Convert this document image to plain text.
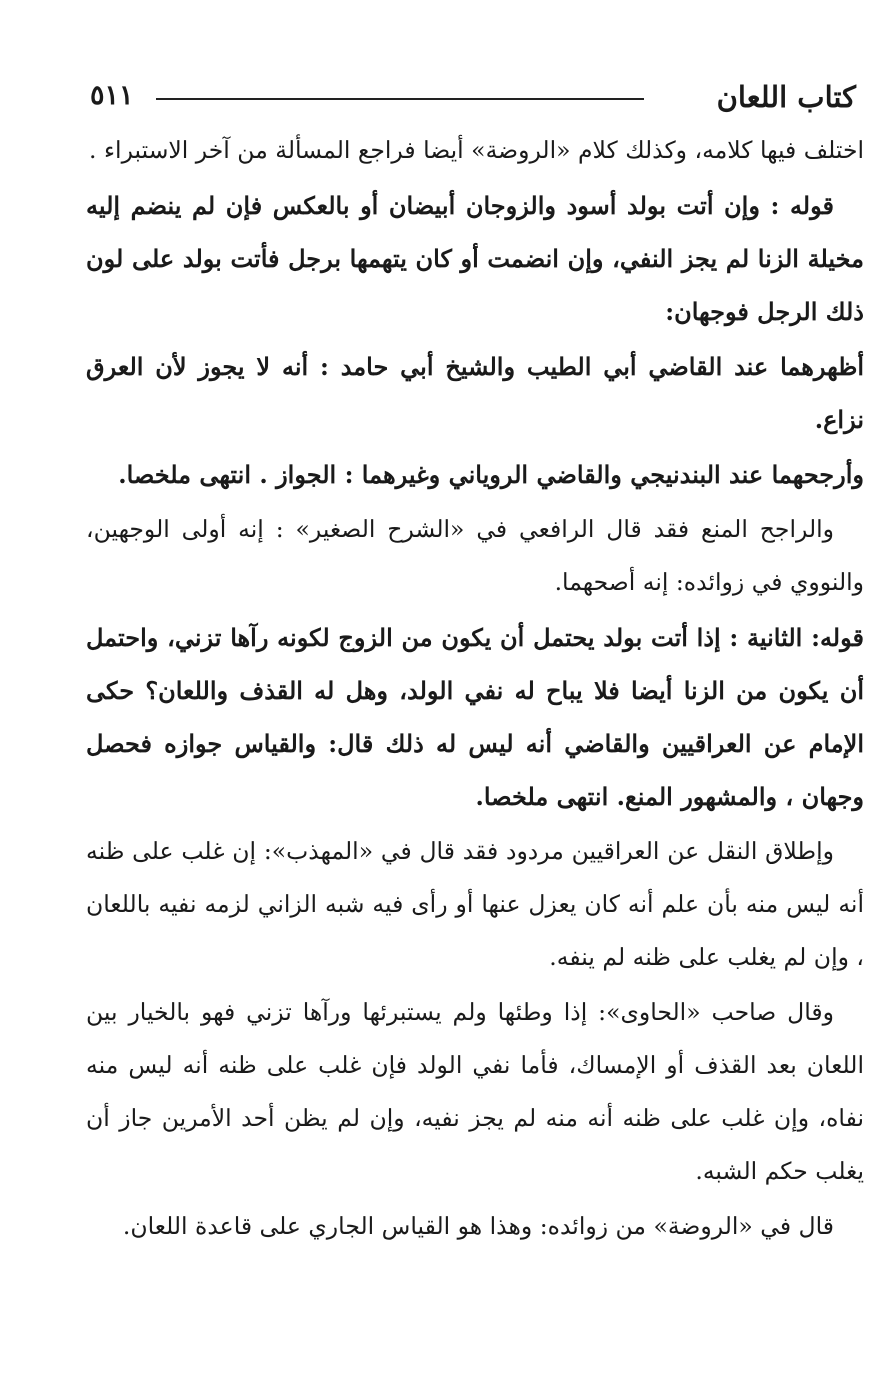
كتاب اللعان
٥١١

اختلف فيها كلامه، وكذلك كلام «الروضة» أيضا فراجع المسألة من آخر الاستبراء .

قوله : وإن أتت بولد أسود والزوجان أبيضان أو بالعكس فإن لم ينضم إليه مخيلة الزنا لم يجز النفي، وإن انضمت أو كان يتهمها برجل فأتت بولد على لون ذلك الرجل فوجهان:

أظهرهما عند القاضي أبي الطيب والشيخ أبي حامد : أنه لا يجوز لأن العرق نزاع.

وأرجحهما عند البندنيجي والقاضي الروياني وغيرهما : الجواز . انتهى ملخصا.

والراجح المنع فقد قال الرافعي في «الشرح الصغير» : إنه أولى الوجهين، والنووي في زوائده: إنه أصحهما.

قوله: الثانية : إذا أتت بولد يحتمل أن يكون من الزوج لكونه رآها تزني، واحتمل أن يكون من الزنا أيضا فلا يباح له نفي الولد، وهل له القذف واللعان؟ حكى الإمام عن العراقيين والقاضي أنه ليس له ذلك قال: والقياس جوازه فحصل وجهان ، والمشهور المنع. انتهى ملخصا.

وإطلاق النقل عن العراقيين مردود فقد قال في «المهذب»: إن غلب على ظنه أنه ليس منه بأن علم أنه كان يعزل عنها أو رأى فيه شبه الزاني لزمه نفيه باللعان ، وإن لم يغلب على ظنه لم ينفه.

وقال صاحب «الحاوى»: إذا وطئها ولم يستبرئها ورآها تزني فهو بالخيار بين اللعان بعد القذف أو الإمساك، فأما نفي الولد فإن غلب على ظنه أنه ليس منه نفاه، وإن غلب على ظنه أنه منه لم يجز نفيه، وإن لم يظن أحد الأمرين جاز أن يغلب حكم الشبه.

قال في «الروضة» من زوائده: وهذا هو القياس الجاري على قاعدة اللعان.
